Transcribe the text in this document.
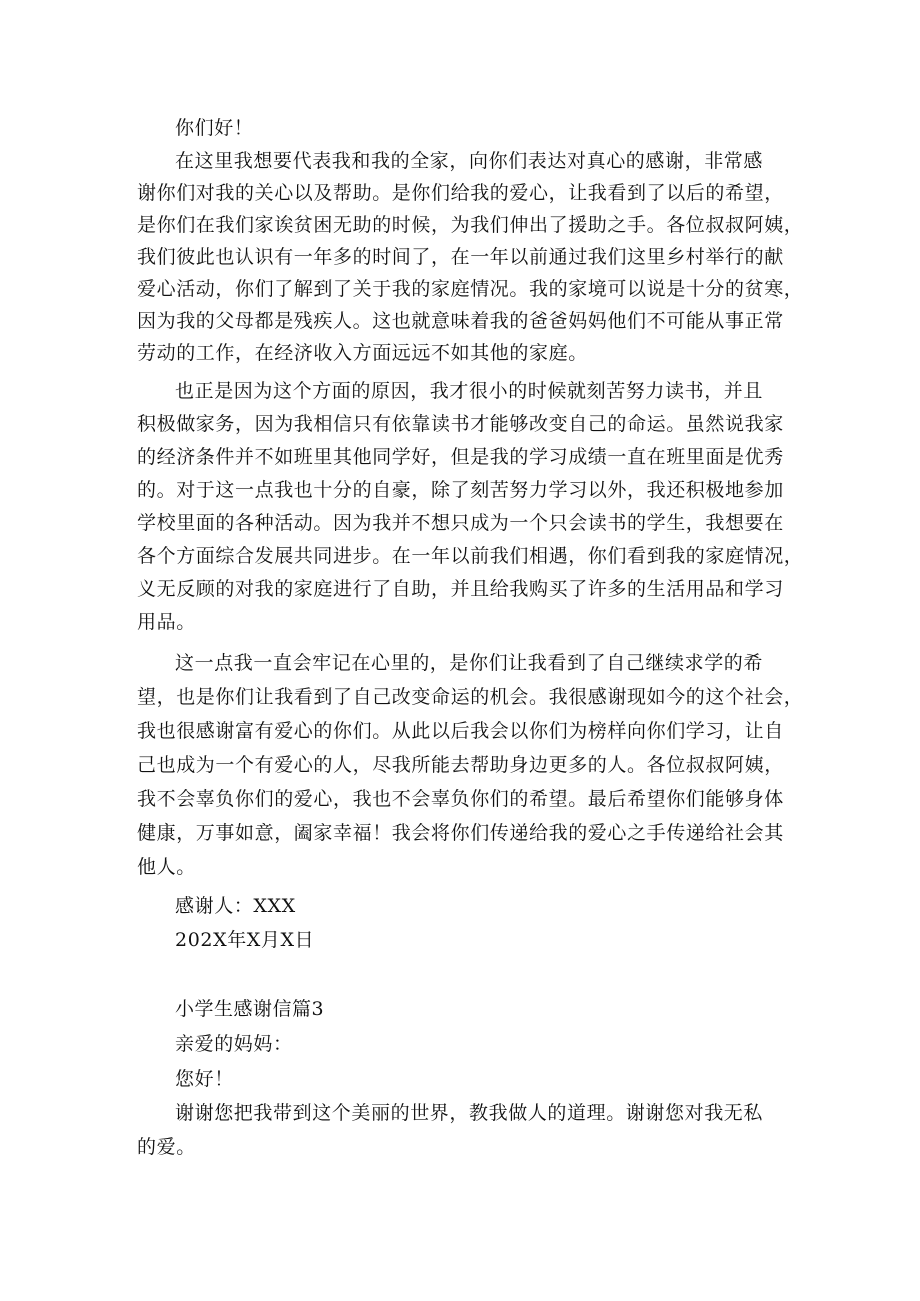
你们好！
在这里我想要代表我和我的全家，向你们表达对真心的感谢，非常感
谢你们对我的关心以及帮助。是你们给我的爱心，让我看到了以后的希望，
是你们在我们家诶贫困无助的时候，为我们伸出了援助之手。各位叔叔阿姨，
我们彼此也认识有一年多的时间了，在一年以前通过我们这里乡村举行的献
爱心活动，你们了解到了关于我的家庭情况。我的家境可以说是十分的贫寒，
因为我的父母都是残疾人。这也就意味着我的爸爸妈妈他们不可能从事正常
劳动的工作，在经济收入方面远远不如其他的家庭。
也正是因为这个方面的原因，我才很小的时候就刻苦努力读书，并且
积极做家务，因为我相信只有依靠读书才能够改变自己的命运。虽然说我家
的经济条件并不如班里其他同学好，但是我的学习成绩一直在班里面是优秀
的。对于这一点我也十分的自豪，除了刻苦努力学习以外，我还积极地参加
学校里面的各种活动。因为我并不想只成为一个只会读书的学生，我想要在
各个方面综合发展共同进步。在一年以前我们相遇，你们看到我的家庭情况，
义无反顾的对我的家庭进行了自助，并且给我购买了许多的生活用品和学习
用品。
这一点我一直会牢记在心里的，是你们让我看到了自己继续求学的希
望，也是你们让我看到了自己改变命运的机会。我很感谢现如今的这个社会，
我也很感谢富有爱心的你们。从此以后我会以你们为榜样向你们学习，让自
己也成为一个有爱心的人，尽我所能去帮助身边更多的人。各位叔叔阿姨，
我不会辜负你们的爱心，我也不会辜负你们的希望。最后希望你们能够身体
健康，万事如意，阖家幸福！我会将你们传递给我的爱心之手传递给社会其
他人。
感谢人：XXX
202X年X月X日
小学生感谢信篇3
亲爱的妈妈：
您好！
谢谢您把我带到这个美丽的世界，教我做人的道理。谢谢您对我无私
的爱。
